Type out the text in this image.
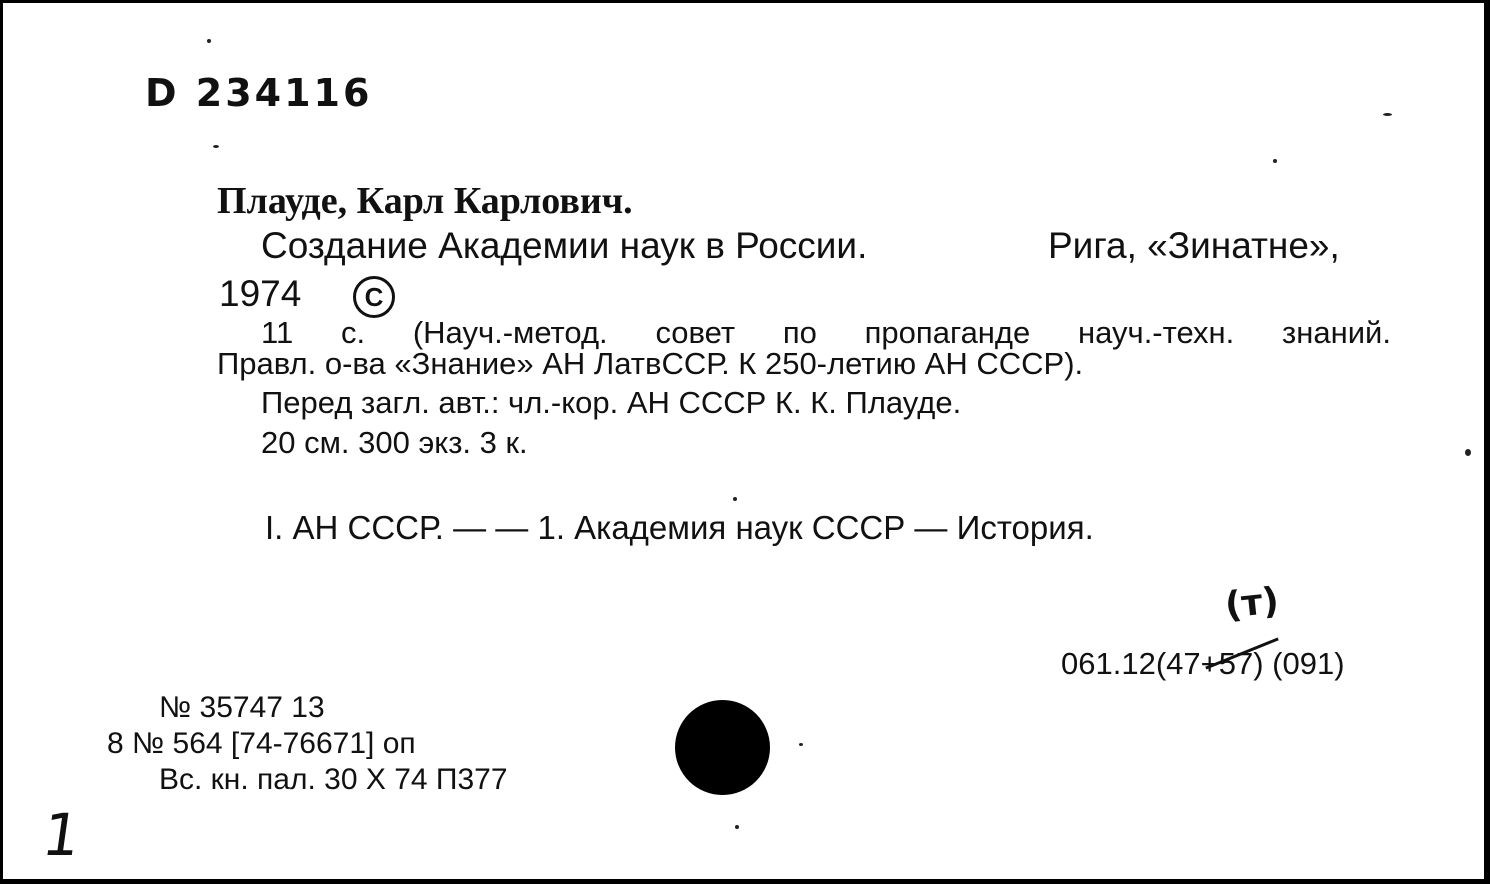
D 234116
Плауде, Карл Карлович.
Создание Академии наук в России.	Рига, «Зинатне»,
1974	C
11 с. (Науч.-метод. совет по пропаганде науч.-техн. знаний.
Правл. о-ва «Знание» АН ЛатвССР. К 250-летию АН СССР).
Перед загл. авт.: чл.-кор. АН СССР К. К. Плауде.
20 см. 300 экз. 3 к.
I. АН СССР. — — 1. Академия наук СССР — История.
(т)
061.12(47+57) (091)
№ 35747 13
8 № 564 [74-76671] оп
Вс. кн. пал. 30 X 74 П377
1
